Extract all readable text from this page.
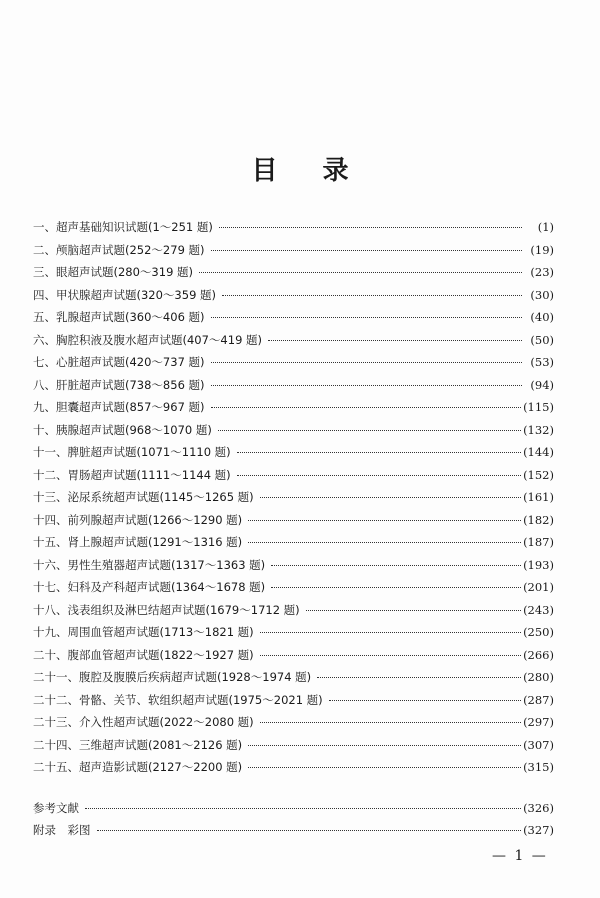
目 录
一、超声基础知识试题(1～251 题)	(1)
二、颅脑超声试题(252～279 题)	(19)
三、眼超声试题(280～319 题)	(23)
四、甲状腺超声试题(320～359 题)	(30)
五、乳腺超声试题(360～406 题)	(40)
六、胸腔积液及腹水超声试题(407～419 题)	(50)
七、心脏超声试题(420～737 题)	(53)
八、肝脏超声试题(738～856 题)	(94)
九、胆囊超声试题(857～967 题)	(115)
十、胰腺超声试题(968～1070 题)	(132)
十一、脾脏超声试题(1071～1110 题)	(144)
十二、胃肠超声试题(1111～1144 题)	(152)
十三、泌尿系统超声试题(1145～1265 题)	(161)
十四、前列腺超声试题(1266～1290 题)	(182)
十五、肾上腺超声试题(1291～1316 题)	(187)
十六、男性生殖器超声试题(1317～1363 题)	(193)
十七、妇科及产科超声试题(1364～1678 题)	(201)
十八、浅表组织及淋巴结超声试题(1679～1712 题)	(243)
十九、周围血管超声试题(1713～1821 题)	(250)
二十、腹部血管超声试题(1822～1927 题)	(266)
二十一、腹腔及腹膜后疾病超声试题(1928～1974 题)	(280)
二十二、骨骼、关节、软组织超声试题(1975～2021 题)	(287)
二十三、介入性超声试题(2022～2080 题)	(297)
二十四、三维超声试题(2081～2126 题)	(307)
二十五、超声造影试题(2127～2200 题)	(315)
参考文献	(326)
附录　彩图	(327)
— 1 —
